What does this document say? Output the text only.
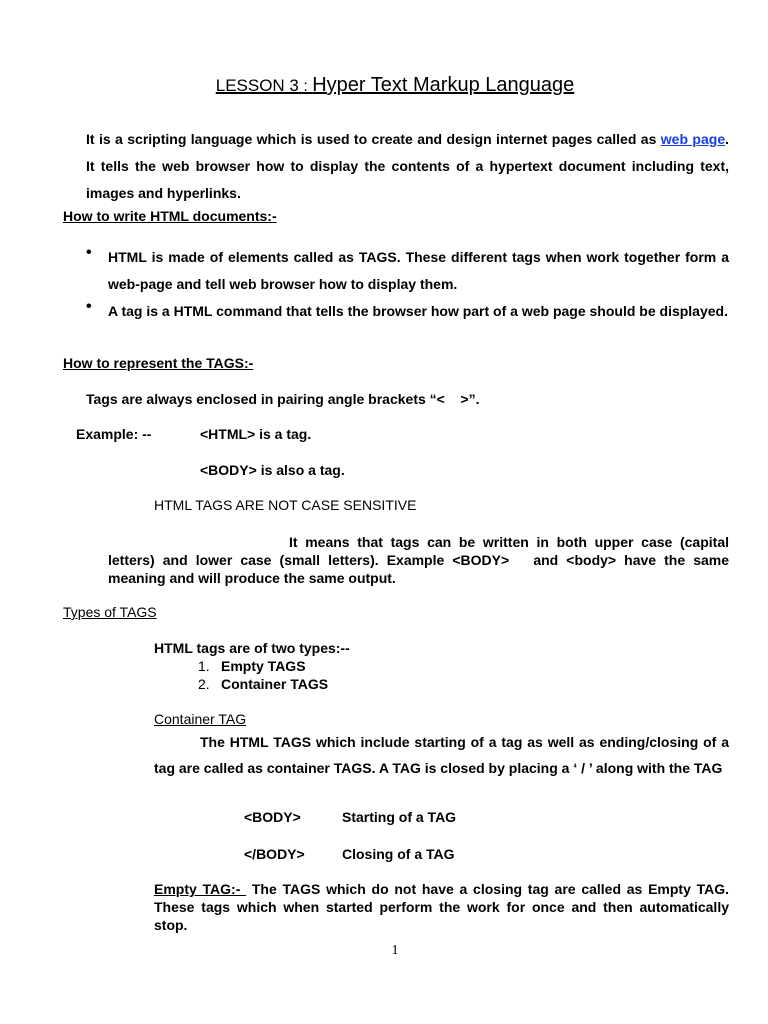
LESSON 3 : Hyper Text Markup Language
It is a scripting language which is used to create and design internet pages called as web page. It tells the web browser how to display the contents of a hypertext document including text, images and hyperlinks.
How to write HTML documents:-
• HTML is made of elements called as TAGS. These different tags when work together form a web-page and tell web browser how to display them.
• A tag is a HTML command that tells the browser how part of a web page should be displayed.
How to represent the TAGS:-
Tags are always enclosed in pairing angle brackets “<    >”.
Example: --	<HTML> is a tag.
<BODY> is also a tag.
HTML TAGS ARE NOT CASE SENSITIVE
It means that tags can be written in both upper case (capital letters) and lower case (small letters). Example <BODY>   and <body> have the same meaning and will produce the same output.
Types of TAGS
HTML tags are of two types:--
1. Empty TAGS
2. Container TAGS
Container TAG
The HTML TAGS which include starting of a tag as well as ending/closing of a tag are called as container TAGS. A TAG is closed by placing a ‘ / ’ along with the TAG
<BODY>	Starting of a TAG
</BODY>	Closing of a TAG
Empty TAG:-  The TAGS which do not have a closing tag are called as Empty TAG. These tags which when started perform the work for once and then automatically stop.
1
